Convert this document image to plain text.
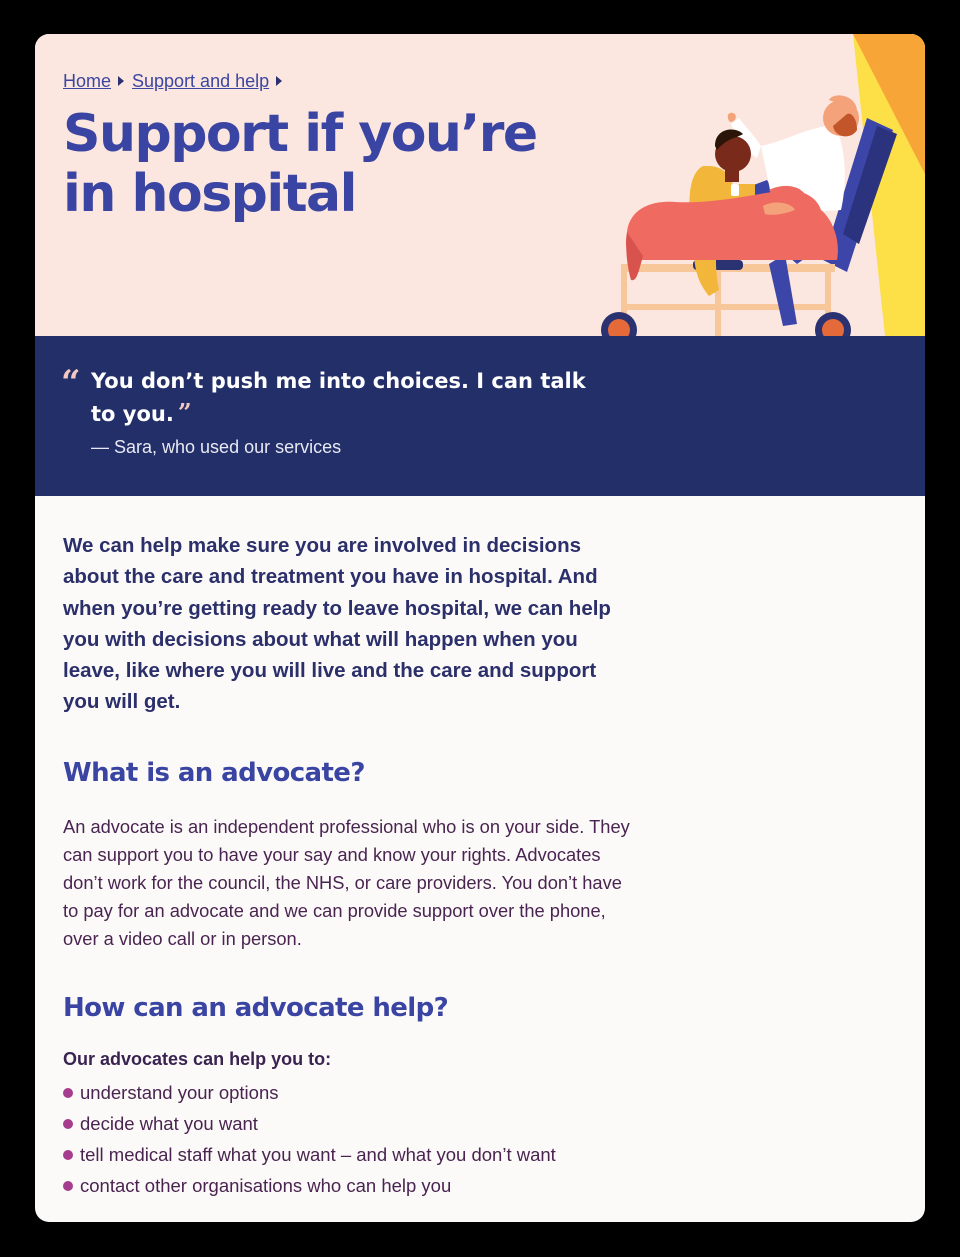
Home Support and help
Support if you’re in hospital
“ You don’t push me into choices. I can talk to you. ”

— Sara, who used our services

We can help make sure you are involved in decisions about the care and treatment you have in hospital. And when you’re getting ready to leave hospital, we can help you with decisions about what will happen when you leave, like where you will live and the care and support you will get.

What is an advocate?

An advocate is an independent professional who is on your side. They can support you to have your say and know your rights. Advocates don’t work for the council, the NHS, or care providers. You don’t have to pay for an advocate and we can provide support over the phone, over a video call or in person.

How can an advocate help?

Our advocates can help you to:

understand your options
decide what you want
tell medical staff what you want – and what you don’t want
contact other organisations who can help you
